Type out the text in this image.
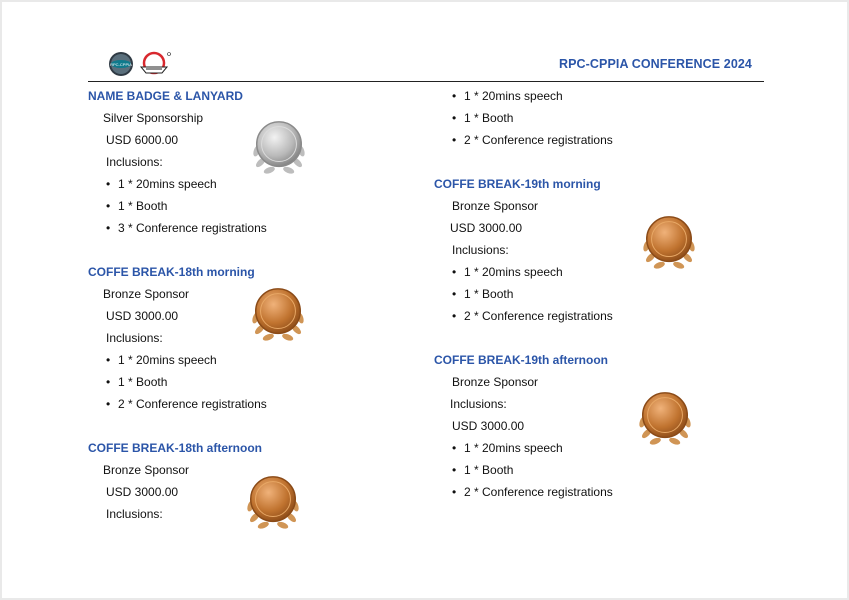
RPC-CPPIA	RPC-CPPIA CONFERENCE 2024
NAME BADGE & LANYARD
Silver Sponsorship
USD 6000.00
Inclusions:
• 1 * 20mins speech
• 1 * Booth
• 3 * Conference registrations
COFFE BREAK-18th morning
Bronze Sponsor
USD 3000.00
Inclusions:
• 1 * 20mins speech
• 1 * Booth
• 2 * Conference registrations
COFFE BREAK-18th afternoon
Bronze Sponsor
USD 3000.00
Inclusions:
• 1 * 20mins speech
• 1 * Booth
• 2 * Conference registrations
COFFE BREAK-19th morning
Bronze Sponsor
USD 3000.00
Inclusions:
• 1 * 20mins speech
• 1 * Booth
• 2 * Conference registrations
COFFE BREAK-19th afternoon
Bronze Sponsor
Inclusions:
USD 3000.00
• 1 * 20mins speech
• 1 * Booth
• 2 * Conference registrations
